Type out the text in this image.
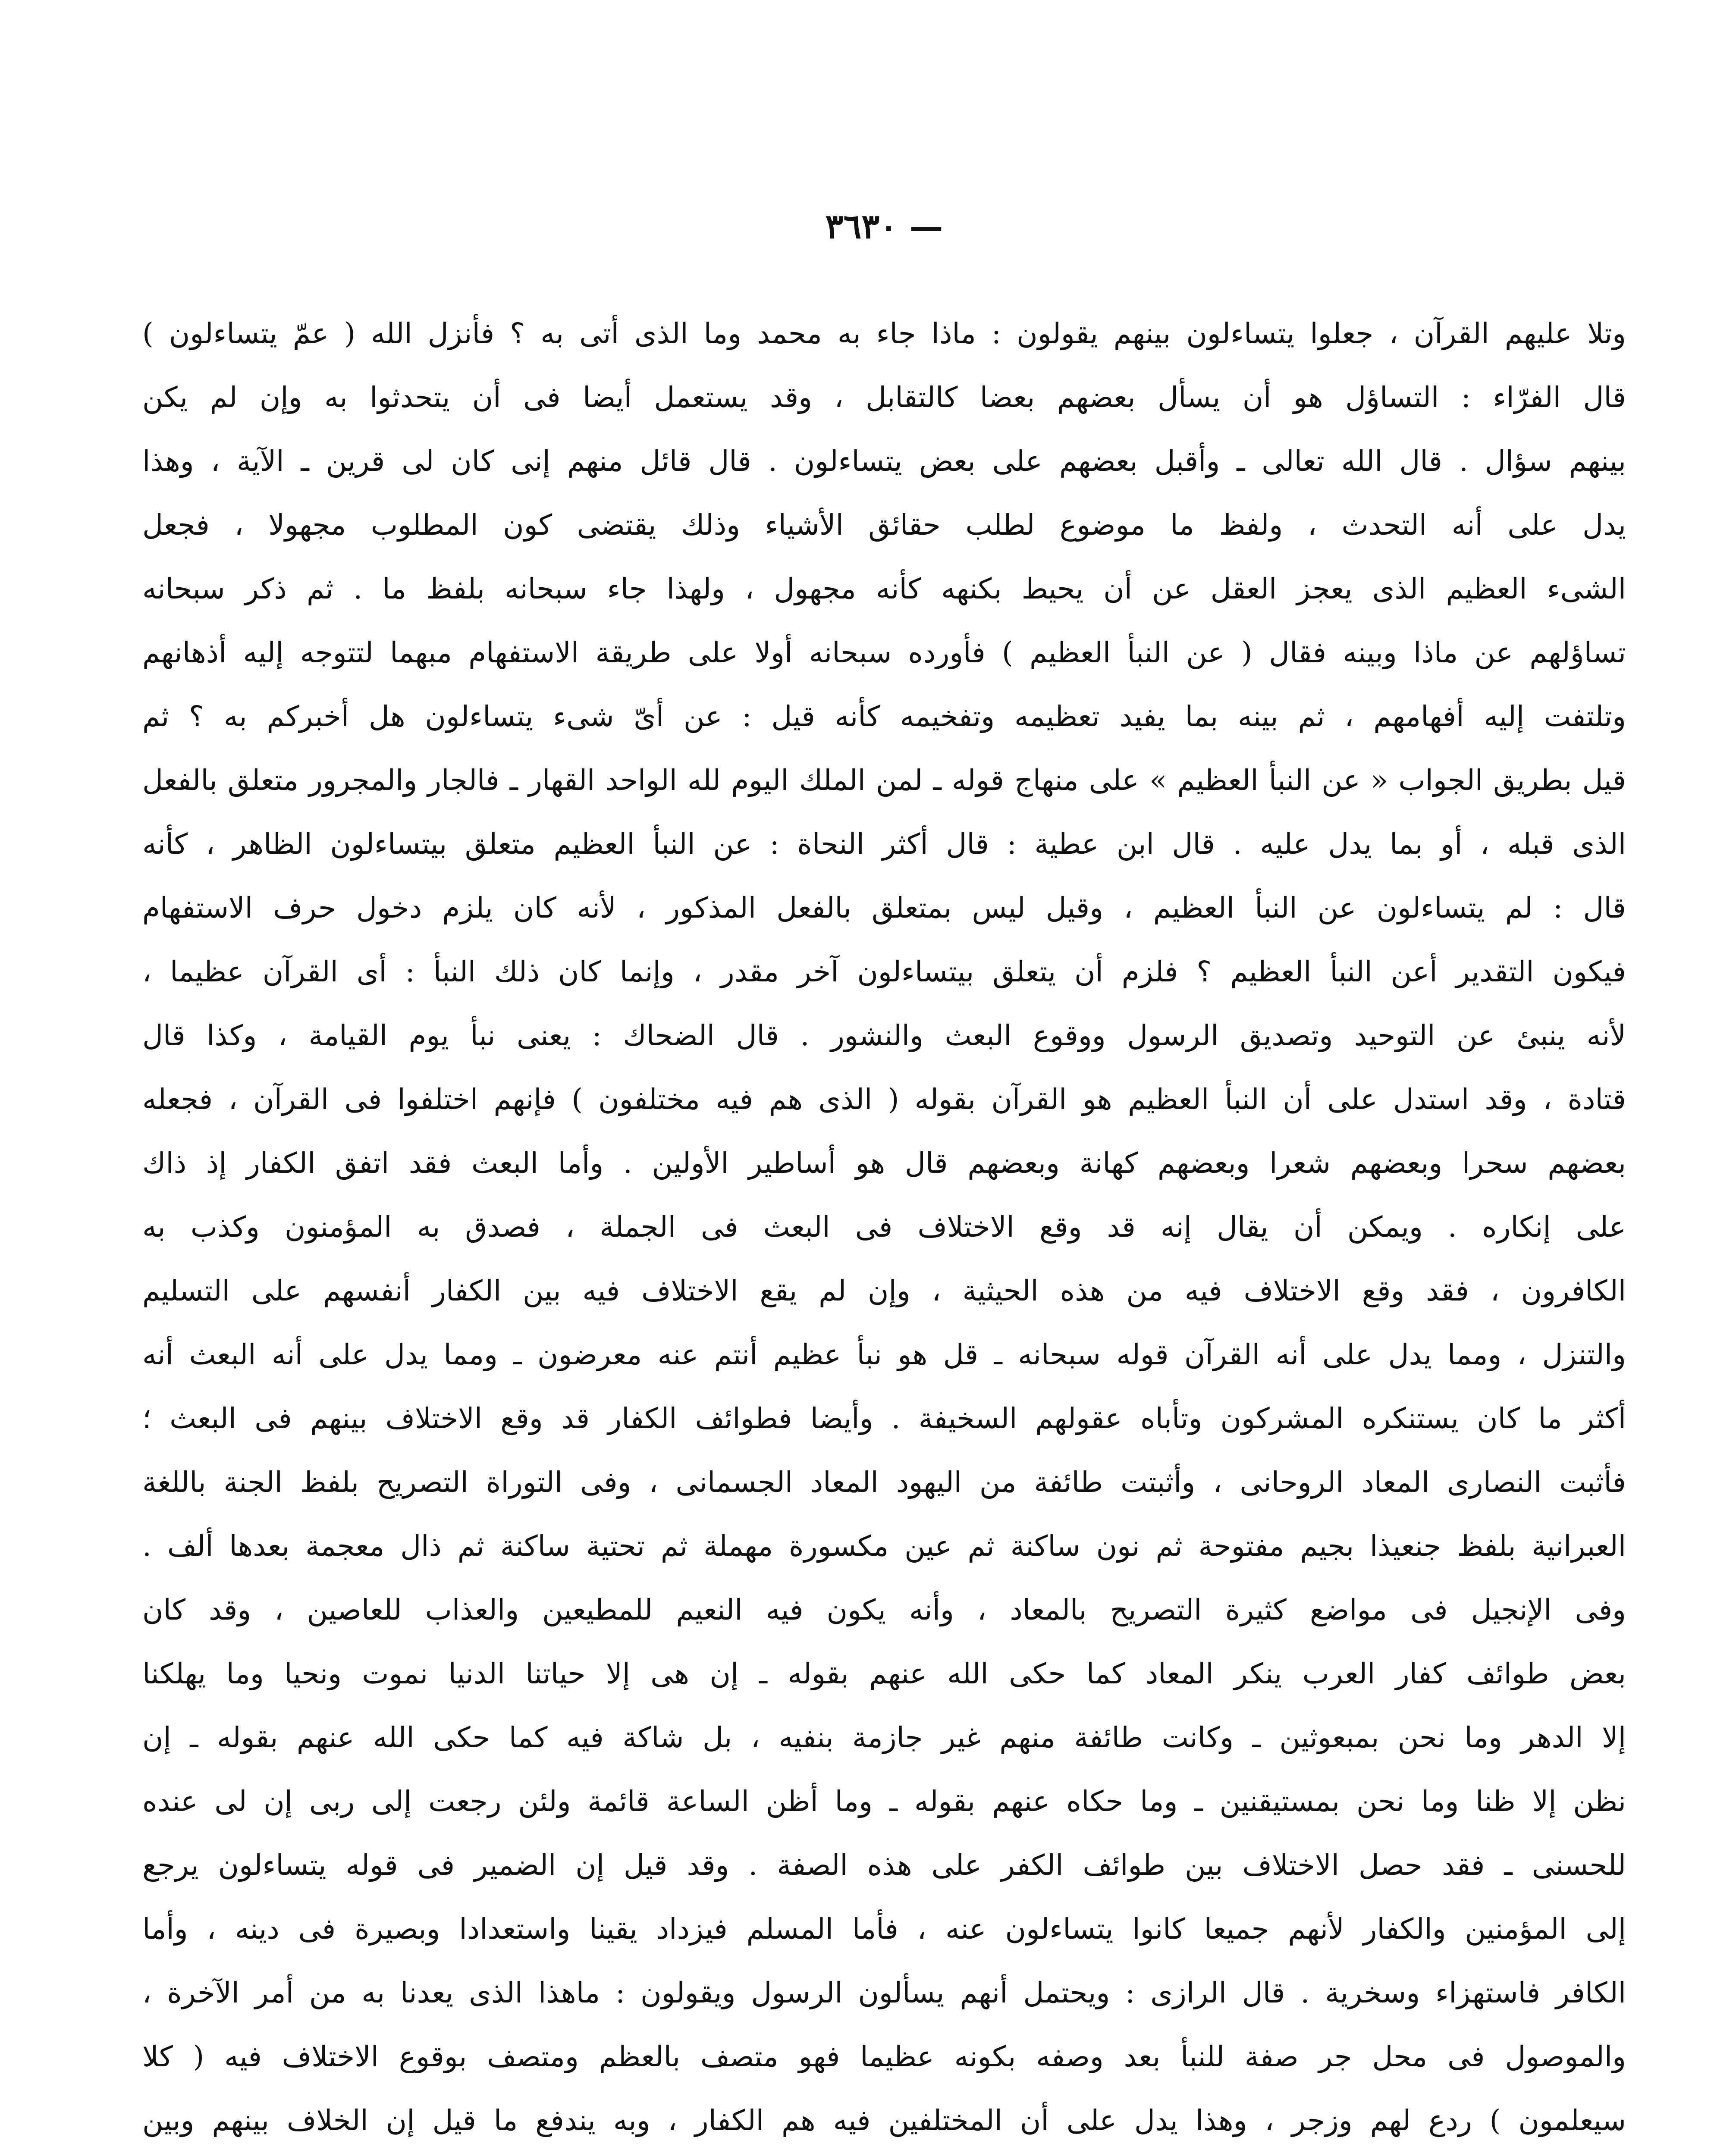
— ٣٦٣٠
وتلا عليهم القرآن ، جعلوا يتساءلون بينهم يقولون : ماذا جاء به محمد وما الذى أتى به ؟ فأنزل الله ( عمّ يتساءلون )
قال الفرّاء : التساؤل هو أن يسأل بعضهم بعضا كالتقابل ، وقد يستعمل أيضا فى أن يتحدثوا به وإن لم يكن
بينهم سؤال . قال الله تعالى ـ وأقبل بعضهم على بعض يتساءلون . قال قائل منهم إنى كان لى قرين ـ الآية ، وهذا
يدل على أنه التحدث ، ولفظ ما موضوع لطلب حقائق الأشياء وذلك يقتضى كون المطلوب مجهولا ، فجعل
الشىء العظيم الذى يعجز العقل عن أن يحيط بكنهه كأنه مجهول ، ولهذا جاء سبحانه بلفظ ما . ثم ذكر سبحانه
تساؤلهم عن ماذا وبينه فقال ( عن النبأ العظيم ) فأورده سبحانه أولا على طريقة الاستفهام مبهما لتتوجه إليه أذهانهم
وتلتفت إليه أفهامهم ، ثم بينه بما يفيد تعظيمه وتفخيمه كأنه قيل : عن أىّ شىء يتساءلون هل أخبركم به ؟ ثم
قيل بطريق الجواب « عن النبأ العظيم » على منهاج قوله ـ لمن الملك اليوم لله الواحد القهار ـ فالجار والمجرور متعلق بالفعل
الذى قبله ، أو بما يدل عليه . قال ابن عطية : قال أكثر النحاة : عن النبأ العظيم متعلق بيتساءلون الظاهر ، كأنه
قال : لم يتساءلون عن النبأ العظيم ، وقيل ليس بمتعلق بالفعل المذكور ، لأنه كان يلزم دخول حرف الاستفهام
فيكون التقدير أعن النبأ العظيم ؟ فلزم أن يتعلق بيتساءلون آخر مقدر ، وإنما كان ذلك النبأ : أى القرآن عظيما ،
لأنه ينبئ عن التوحيد وتصديق الرسول ووقوع البعث والنشور . قال الضحاك : يعنى نبأ يوم القيامة ، وكذا قال
قتادة ، وقد استدل على أن النبأ العظيم هو القرآن بقوله ( الذى هم فيه مختلفون ) فإنهم اختلفوا فى القرآن ، فجعله
بعضهم سحرا وبعضهم شعرا وبعضهم كهانة وبعضهم قال هو أساطير الأولين . وأما البعث فقد اتفق الكفار إذ ذاك
على إنكاره . ويمكن أن يقال إنه قد وقع الاختلاف فى البعث فى الجملة ، فصدق به المؤمنون وكذب به
الكافرون ، فقد وقع الاختلاف فيه من هذه الحيثية ، وإن لم يقع الاختلاف فيه بين الكفار أنفسهم على التسليم
والتنزل ، ومما يدل على أنه القرآن قوله سبحانه ـ قل هو نبأ عظيم أنتم عنه معرضون ـ ومما يدل على أنه البعث أنه
أكثر ما كان يستنكره المشركون وتأباه عقولهم السخيفة . وأيضا فطوائف الكفار قد وقع الاختلاف بينهم فى البعث ؛
فأثبت النصارى المعاد الروحانى ، وأثبتت طائفة من اليهود المعاد الجسمانى ، وفى التوراة التصريح بلفظ الجنة باللغة
العبرانية بلفظ جنعيذا بجيم مفتوحة ثم نون ساكنة ثم عين مكسورة مهملة ثم تحتية ساكنة ثم ذال معجمة بعدها ألف .
وفى الإنجيل فى مواضع كثيرة التصريح بالمعاد ، وأنه يكون فيه النعيم للمطيعين والعذاب للعاصين ، وقد كان
بعض طوائف كفار العرب ينكر المعاد كما حكى الله عنهم بقوله ـ إن هى إلا حياتنا الدنيا نموت ونحيا وما يهلكنا
إلا الدهر وما نحن بمبعوثين ـ وكانت طائفة منهم غير جازمة بنفيه ، بل شاكة فيه كما حكى الله عنهم بقوله ـ إن
نظن إلا ظنا وما نحن بمستيقنين ـ وما حكاه عنهم بقوله ـ وما أظن الساعة قائمة ولئن رجعت إلى ربى إن لى عنده
للحسنى ـ فقد حصل الاختلاف بين طوائف الكفر على هذه الصفة . وقد قيل إن الضمير فى قوله يتساءلون يرجع
إلى المؤمنين والكفار لأنهم جميعا كانوا يتساءلون عنه ، فأما المسلم فيزداد يقينا واستعدادا وبصيرة فى دينه ، وأما
الكافر فاستهزاء وسخرية . قال الرازى : ويحتمل أنهم يسألون الرسول ويقولون : ماهذا الذى يعدنا به من أمر الآخرة ،
والموصول فى محل جر صفة للنبأ بعد وصفه بكونه عظيما فهو متصف بالعظم ومتصف بوقوع الاختلاف فيه ( كلا
سيعلمون ) ردع لهم وزجر ، وهذا يدل على أن المختلفين فيه هم الكفار ، وبه يندفع ما قيل إن الخلاف بينهم وبين
